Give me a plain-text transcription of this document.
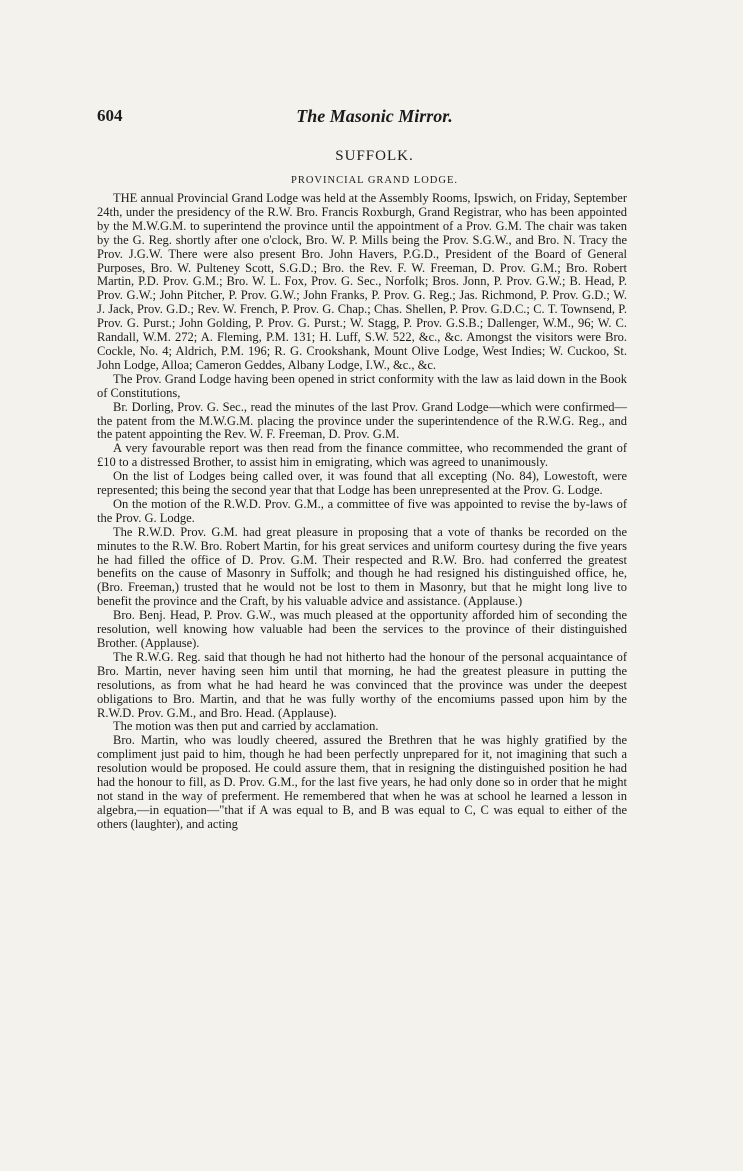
604	The Masonic Mirror.
SUFFOLK.
PROVINCIAL GRAND LODGE.

THE annual Provincial Grand Lodge was held at the Assembly Rooms, Ipswich, on Friday, September 24th, under the presidency of the R.W. Bro. Francis Roxburgh, Grand Registrar, who has been appointed by the M.W.G.M. to superintend the province until the appointment of a Prov. G.M. The chair was taken by the G. Reg. shortly after one o'clock, Bro. W. P. Mills being the Prov. S.G.W., and Bro. N. Tracy the Prov. J.G.W. There were also present Bro. John Havers, P.G.D., President of the Board of General Purposes, Bro. W. Pulteney Scott, S.G.D.; Bro. the Rev. F. W. Freeman, D. Prov. G.M.; Bro. Robert Martin, P.D. Prov. G.M.; Bro. W. L. Fox, Prov. G. Sec., Norfolk; Bros. Jonn, P. Prov. G.W.; B. Head, P. Prov. G.W.; John Pitcher, P. Prov. G.W.; John Franks, P. Prov. G. Reg.; Jas. Richmond, P. Prov. G.D.; W. J. Jack, Prov. G.D.; Rev. W. French, P. Prov. G. Chap.; Chas. Shellen, P. Prov. G.D.C.; C. T. Townsend, P. Prov. G. Purst.; John Golding, P. Prov. G. Purst.; W. Stagg, P. Prov. G.S.B.; Dallenger, W.M., 96; W. C. Randall, W.M. 272; A. Fleming, P.M. 131; H. Luff, S.W. 522, &c., &c. Amongst the visitors were Bro. Cockle, No. 4; Aldrich, P.M. 196; R. G. Crookshank, Mount Olive Lodge, West Indies; W. Cuckoo, St. John Lodge, Alloa; Cameron Geddes, Albany Lodge, I.W., &c., &c.

The Prov. Grand Lodge having been opened in strict conformity with the law as laid down in the Book of Constitutions,

Br. Dorling, Prov. G. Sec., read the minutes of the last Prov. Grand Lodge—which were confirmed—the patent from the M.W.G.M. placing the province under the superintendence of the R.W.G. Reg., and the patent appointing the Rev. W. F. Freeman, D. Prov. G.M.

A very favourable report was then read from the finance committee, who recommended the grant of £10 to a distressed Brother, to assist him in emigrating, which was agreed to unanimously.

On the list of Lodges being called over, it was found that all excepting (No. 84), Lowestoft, were represented; this being the second year that that Lodge has been unrepresented at the Prov. G. Lodge.

On the motion of the R.W.D. Prov. G.M., a committee of five was appointed to revise the by-laws of the Prov. G. Lodge.

The R.W.D. Prov. G.M. had great pleasure in proposing that a vote of thanks be recorded on the minutes to the R.W. Bro. Robert Martin, for his great services and uniform courtesy during the five years he had filled the office of D. Prov. G.M. Their respected and R.W. Bro. had conferred the greatest benefits on the cause of Masonry in Suffolk; and though he had resigned his distinguished office, he, (Bro. Freeman,) trusted that he would not be lost to them in Masonry, but that he might long live to benefit the province and the Craft, by his valuable advice and assistance. (Applause.)

Bro. Benj. Head, P. Prov. G.W., was much pleased at the opportunity afforded him of seconding the resolution, well knowing how valuable had been the services to the province of their distinguished Brother. (Applause).

The R.W.G. Reg. said that though he had not hitherto had the honour of the personal acquaintance of Bro. Martin, never having seen him until that morning, he had the greatest pleasure in putting the resolutions, as from what he had heard he was convinced that the province was under the deepest obligations to Bro. Martin, and that he was fully worthy of the encomiums passed upon him by the R.W.D. Prov. G.M., and Bro. Head. (Applause).

The motion was then put and carried by acclamation.

Bro. Martin, who was loudly cheered, assured the Brethren that he was highly gratified by the compliment just paid to him, though he had been perfectly unprepared for it, not imagining that such a resolution would be proposed. He could assure them, that in resigning the distinguished position he had had the honour to fill, as D. Prov. G.M., for the last five years, he had only done so in order that he might not stand in the way of preferment. He remembered that when he was at school he learned a lesson in algebra,—in equation—"that if A was equal to B, and B was equal to C, C was equal to either of the others (laughter), and acting
